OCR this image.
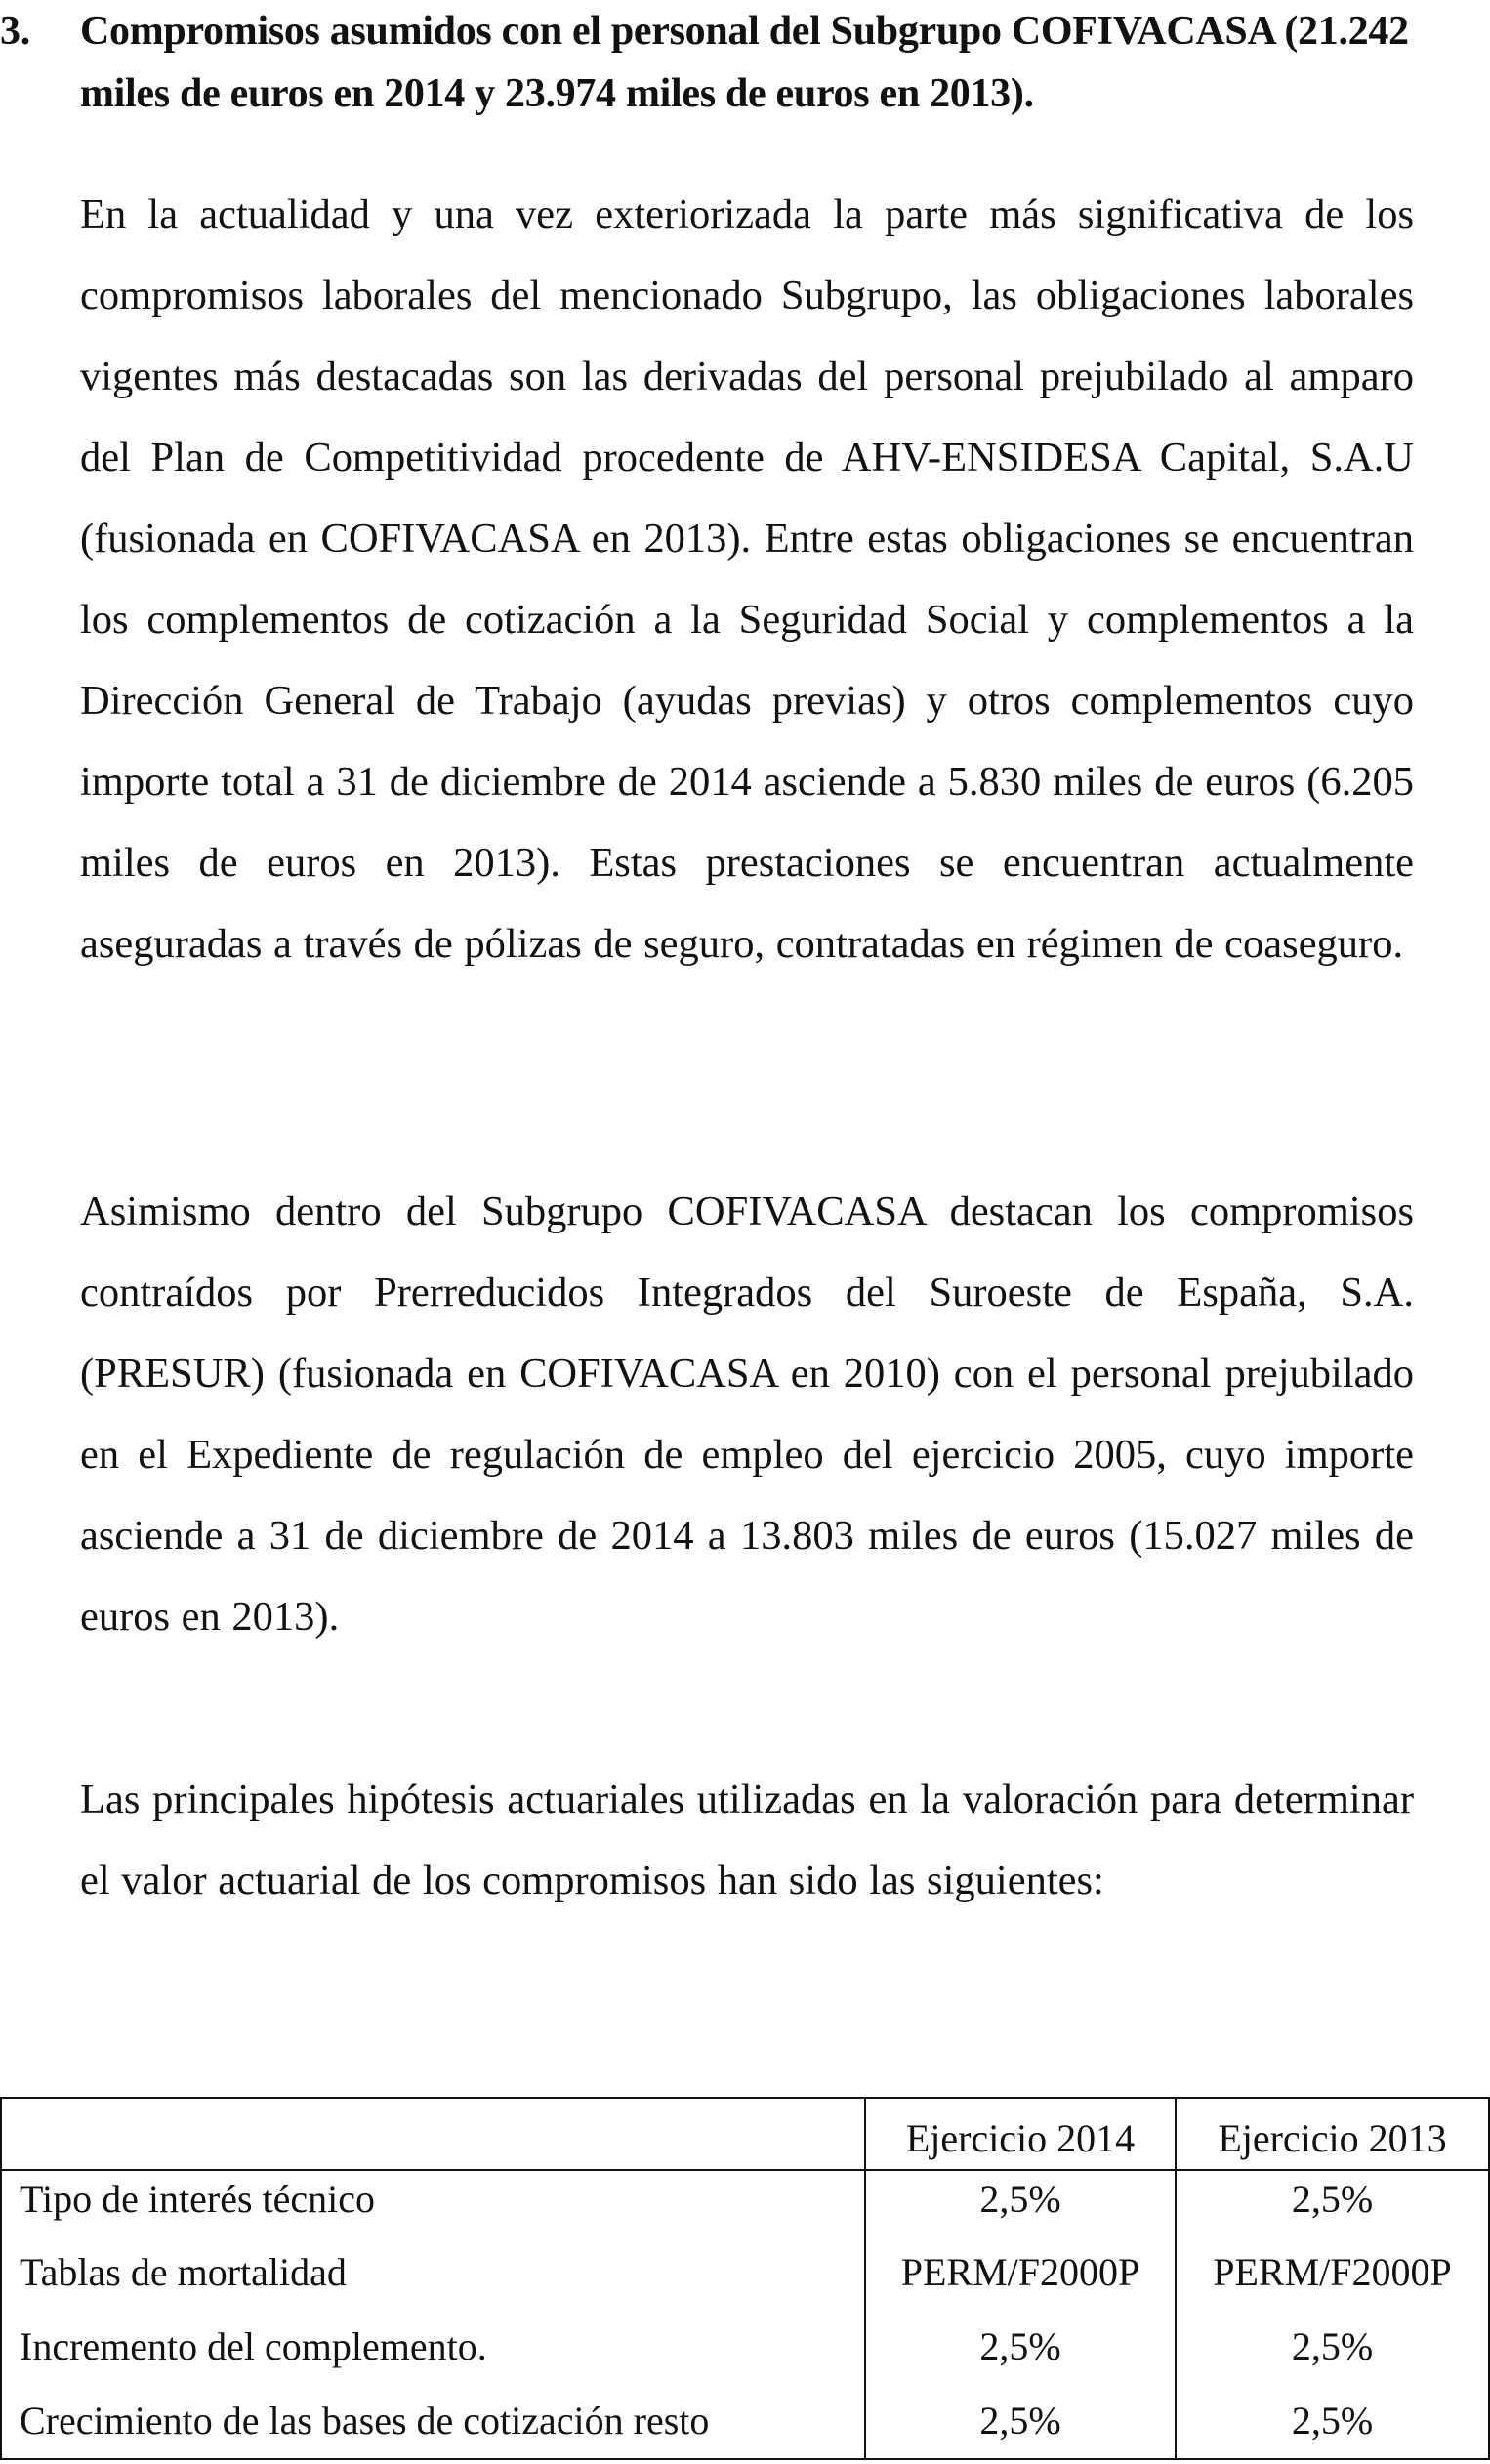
3.	Compromisos asumidos con el personal del Subgrupo COFIVACASA (21.242 miles de euros en 2014 y 23.974 miles de euros en 2013).

En la actualidad y una vez exteriorizada la parte más significativa de los compromisos laborales del mencionado Subgrupo, las obligaciones laborales vigentes más destacadas son las derivadas del personal prejubilado al amparo del Plan de Competitividad procedente de AHV-ENSIDESA Capital, S.A.U (fusionada en COFIVACASA en 2013). Entre estas obligaciones se encuentran los complementos de cotización a la Seguridad Social y complementos a la Dirección General de Trabajo (ayudas previas) y otros complementos cuyo importe total a 31 de diciembre de 2014 asciende a 5.830 miles de euros (6.205 miles de euros en 2013). Estas prestaciones se encuentran actualmente aseguradas a través de pólizas de seguro, contratadas en régimen de coaseguro.

Asimismo dentro del Subgrupo COFIVACASA destacan los compromisos contraídos por Prerreducidos Integrados del Suroeste de España, S.A. (PRESUR) (fusionada en COFIVACASA en 2010) con el personal prejubilado en el Expediente de regulación de empleo del ejercicio 2005, cuyo importe asciende a 31 de diciembre de 2014 a 13.803 miles de euros (15.027 miles de euros en 2013).

Las principales hipótesis actuariales utilizadas en la valoración para determinar el valor actuarial de los compromisos han sido las siguientes:

	Ejercicio 2014	Ejercicio 2013
Tipo de interés técnico	2,5%	2,5%
Tablas de mortalidad	PERM/F2000P	PERM/F2000P
Incremento del complemento.	2,5%	2,5%
Crecimiento de las bases de cotización resto	2,5%	2,5%
